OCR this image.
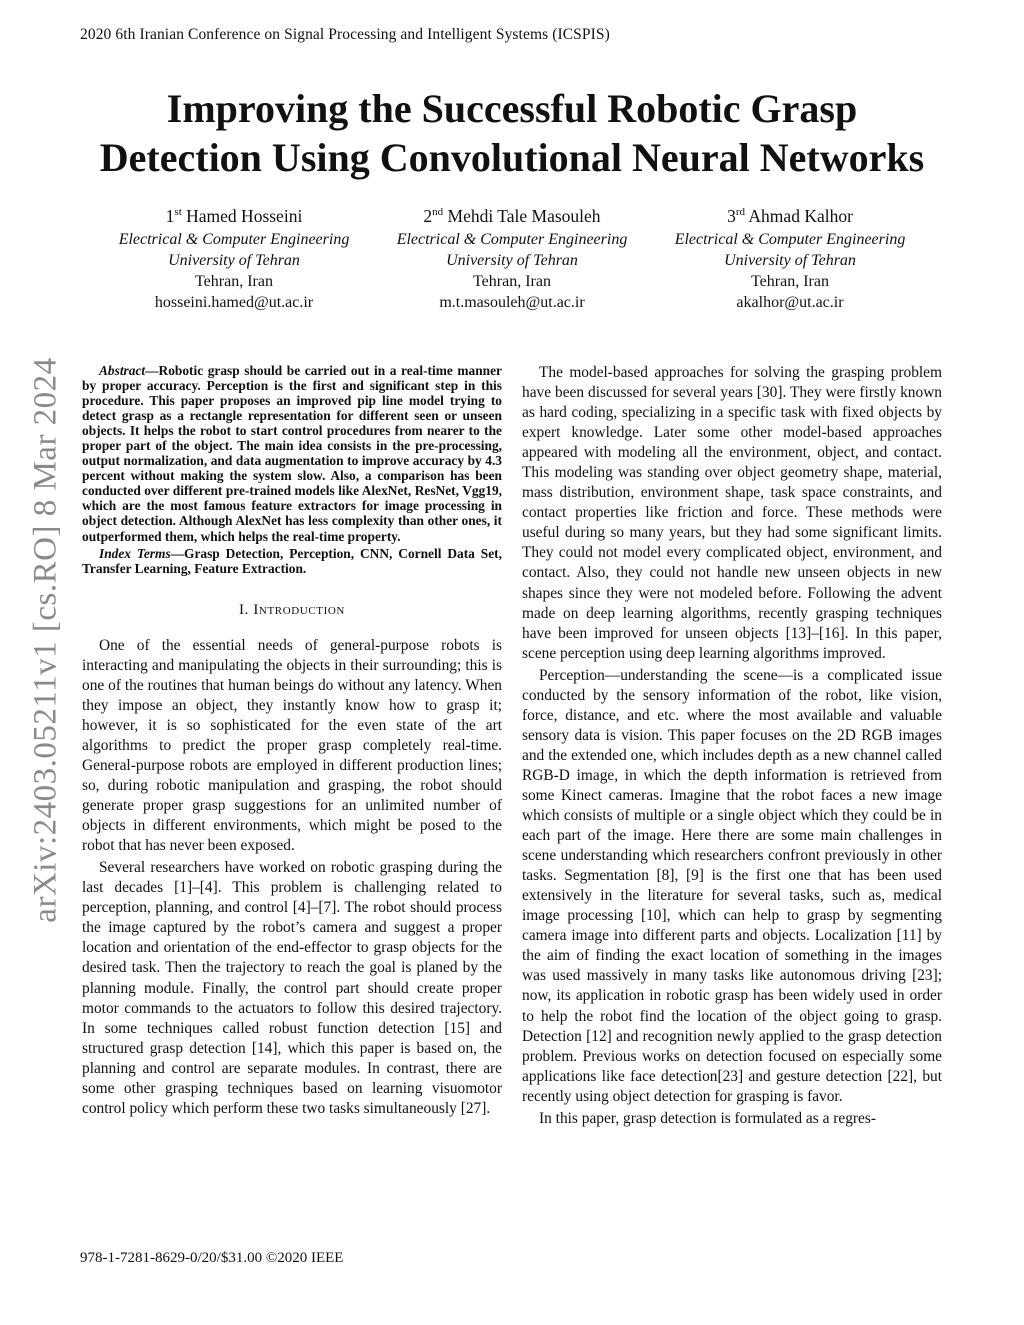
2020 6th Iranian Conference on Signal Processing and Intelligent Systems (ICSPIS)
arXiv:2403.05211v1 [cs.RO] 8 Mar 2024
Improving the Successful Robotic Grasp
Detection Using Convolutional Neural Networks
1st Hamed Hosseini
Electrical & Computer Engineering
University of Tehran
Tehran, Iran
hosseini.hamed@ut.ac.ir
2nd Mehdi Tale Masouleh
Electrical & Computer Engineering
University of Tehran
Tehran, Iran
m.t.masouleh@ut.ac.ir
3rd Ahmad Kalhor
Electrical & Computer Engineering
University of Tehran
Tehran, Iran
akalhor@ut.ac.ir

Abstract—Robotic grasp should be carried out in a real-time manner by proper accuracy. Perception is the first and significant step in this procedure. This paper proposes an improved pip line model trying to detect grasp as a rectangle representation for different seen or unseen objects. It helps the robot to start control procedures from nearer to the proper part of the object. The main idea consists in the pre-processing, output normalization, and data augmentation to improve accuracy by 4.3 percent without making the system slow. Also, a comparison has been conducted over different pre-trained models like AlexNet, ResNet, Vgg19, which are the most famous feature extractors for image processing in object detection. Although AlexNet has less complexity than other ones, it outperformed them, which helps the real-time property.

Index Terms—Grasp Detection, Perception, CNN, Cornell Data Set, Transfer Learning, Feature Extraction.

I. Introduction

One of the essential needs of general-purpose robots is interacting and manipulating the objects in their surrounding; this is one of the routines that human beings do without any latency. When they impose an object, they instantly know how to grasp it; however, it is so sophisticated for the even state of the art algorithms to predict the proper grasp completely real-time. General-purpose robots are employed in different production lines; so, during robotic manipulation and grasping, the robot should generate proper grasp suggestions for an unlimited number of objects in different environments, which might be posed to the robot that has never been exposed.

Several researchers have worked on robotic grasping during the last decades [1]–[4]. This problem is challenging related to perception, planning, and control [4]–[7]. The robot should process the image captured by the robot’s camera and suggest a proper location and orientation of the end-effector to grasp objects for the desired task. Then the trajectory to reach the goal is planed by the planning module. Finally, the control part should create proper motor commands to the actuators to follow this desired trajectory. In some techniques called robust function detection [15] and structured grasp detection [14], which this paper is based on, the planning and control are separate modules. In contrast, there are some other grasping techniques based on learning visuomotor control policy which perform these two tasks simultaneously [27].

The model-based approaches for solving the grasping problem have been discussed for several years [30]. They were firstly known as hard coding, specializing in a specific task with fixed objects by expert knowledge. Later some other model-based approaches appeared with modeling all the environment, object, and contact. This modeling was standing over object geometry shape, material, mass distribution, environment shape, task space constraints, and contact properties like friction and force. These methods were useful during so many years, but they had some significant limits. They could not model every complicated object, environment, and contact. Also, they could not handle new unseen objects in new shapes since they were not modeled before. Following the advent made on deep learning algorithms, recently grasping techniques have been improved for unseen objects [13]–[16]. In this paper, scene perception using deep learning algorithms improved.

Perception—understanding the scene—is a complicated issue conducted by the sensory information of the robot, like vision, force, distance, and etc. where the most available and valuable sensory data is vision. This paper focuses on the 2D RGB images and the extended one, which includes depth as a new channel called RGB-D image, in which the depth information is retrieved from some Kinect cameras. Imagine that the robot faces a new image which consists of multiple or a single object which they could be in each part of the image. Here there are some main challenges in scene understanding which researchers confront previously in other tasks. Segmentation [8], [9] is the first one that has been used extensively in the literature for several tasks, such as, medical image processing [10], which can help to grasp by segmenting camera image into different parts and objects. Localization [11] by the aim of finding the exact location of something in the images was used massively in many tasks like autonomous driving [23]; now, its application in robotic grasp has been widely used in order to help the robot find the location of the object going to grasp. Detection [12] and recognition newly applied to the grasp detection problem. Previous works on detection focused on especially some applications like face detection[23] and gesture detection [22], but recently using object detection for grasping is favor.

In this paper, grasp detection is formulated as a regres-

978-1-7281-8629-0/20/$31.00 ©2020 IEEE
